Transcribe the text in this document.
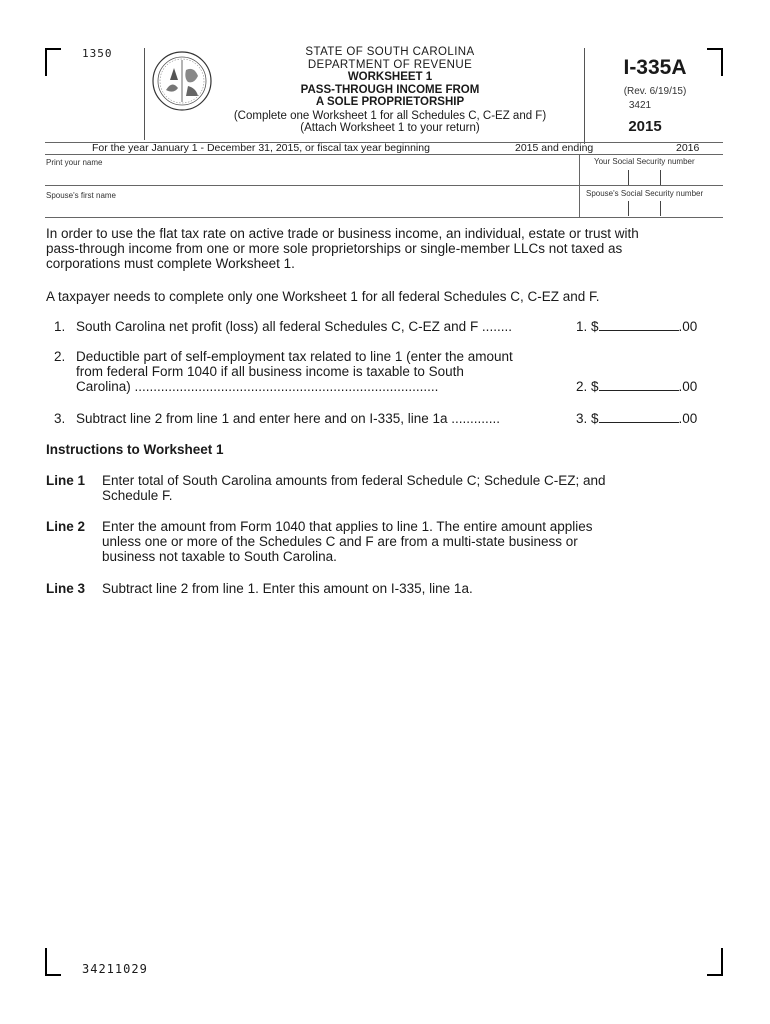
1350	STATE OF SOUTH CAROLINA
DEPARTMENT OF REVENUE
WORKSHEET 1
PASS-THROUGH INCOME FROM
A SOLE PROPRIETORSHIP
(Complete one Worksheet 1 for all Schedules C, C-EZ and F)
(Attach Worksheet 1 to your return)
I-335A
(Rev. 6/19/15)
3421
2015
For the year January 1 - December 31, 2015, or fiscal tax year beginning	2015 and ending	2016
Print your name	Your Social Security number
Spouse's first name	Spouse's Social Security number
In order to use the flat tax rate on active trade or business income, an individual, estate or trust with
pass-through income from one or more sole proprietorships or single-member LLCs not taxed as
corporations must complete Worksheet 1.
A taxpayer needs to complete only one Worksheet 1 for all federal Schedules C, C-EZ and F.
1. South Carolina net profit (loss) all federal Schedules C, C-EZ and F ........	1. $	.00
2. Deductible part of self-employment tax related to line 1 (enter the amount
from federal Form 1040 if all business income is taxable to South
Carolina) .................................................................................	2. $	.00
3. Subtract line 2 from line 1 and enter here and on I-335, line 1a .............	3. $	.00
Instructions to Worksheet 1
Line 1 Enter total of South Carolina amounts from federal Schedule C; Schedule C-EZ; and
Schedule F.
Line 2 Enter the amount from Form 1040 that applies to line 1. The entire amount applies
unless one or more of the Schedules C and F are from a multi-state business or
business not taxable to South Carolina.
Line 3 Subtract line 2 from line 1. Enter this amount on I-335, line 1a.
34211029
